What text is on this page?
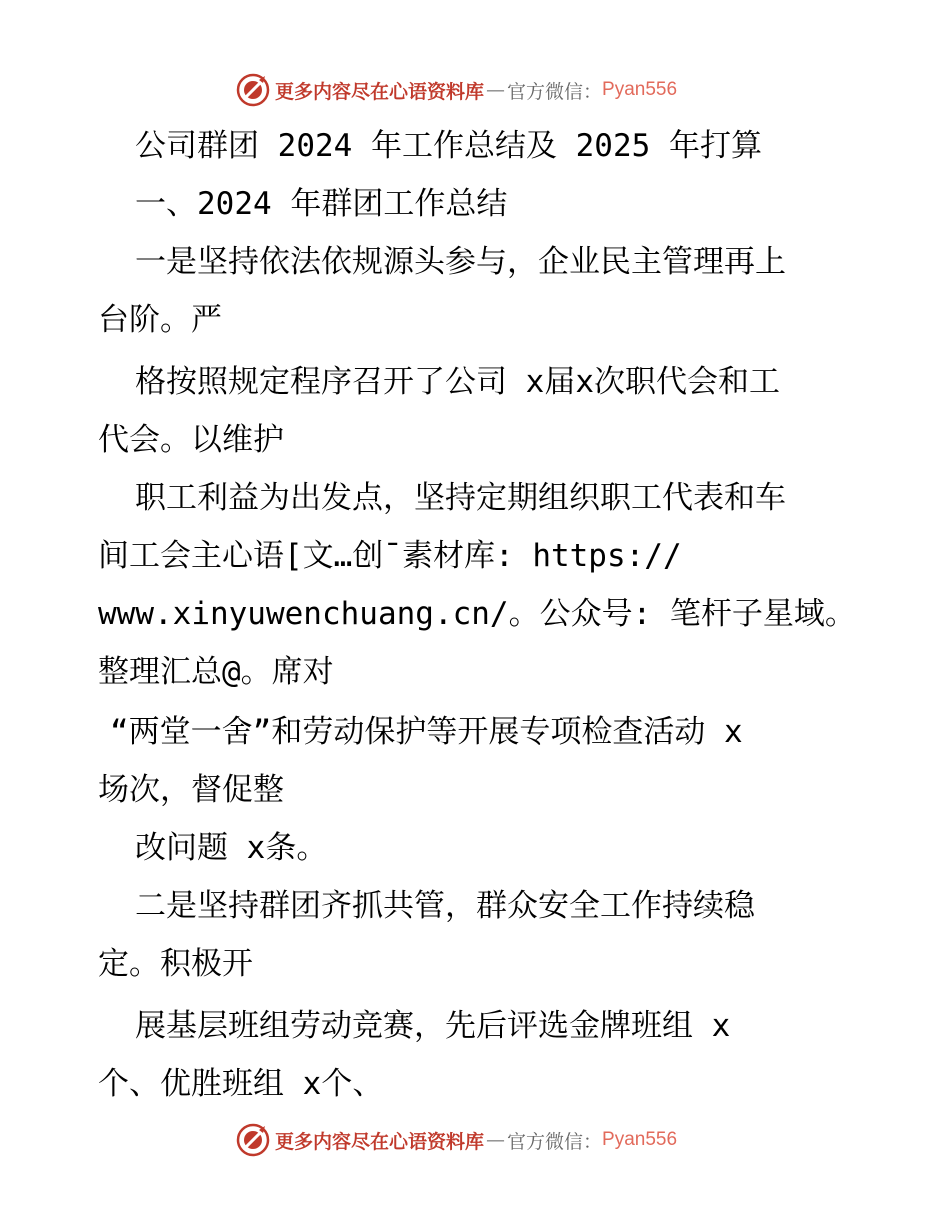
更多内容尽在心语资料库 — 官方微信： Pyan556
公司群团 2024 年工作总结及 2025 年打算
一、2024 年群团工作总结
一是坚持依法依规源头参与，企业民主管理再上
台阶。严
格按照规定程序召开了公司 x届x次职代会和工
代会。以维护
职工利益为出发点，坚持定期组织职工代表和车
间工会主心语[文…创¯素材库: https://
www.xinyuwenchuang.cn/。公众号: 笔杆子星域。
整理汇总@。席对
“两堂一舍”和劳动保护等开展专项检查活动 x
场次，督促整
改问题 x条。
二是坚持群团齐抓共管，群众安全工作持续稳
定。积极开
展基层班组劳动竞赛，先后评选金牌班组 x
个、优胜班组 x个、
更多内容尽在心语资料库 — 官方微信： Pyan556
